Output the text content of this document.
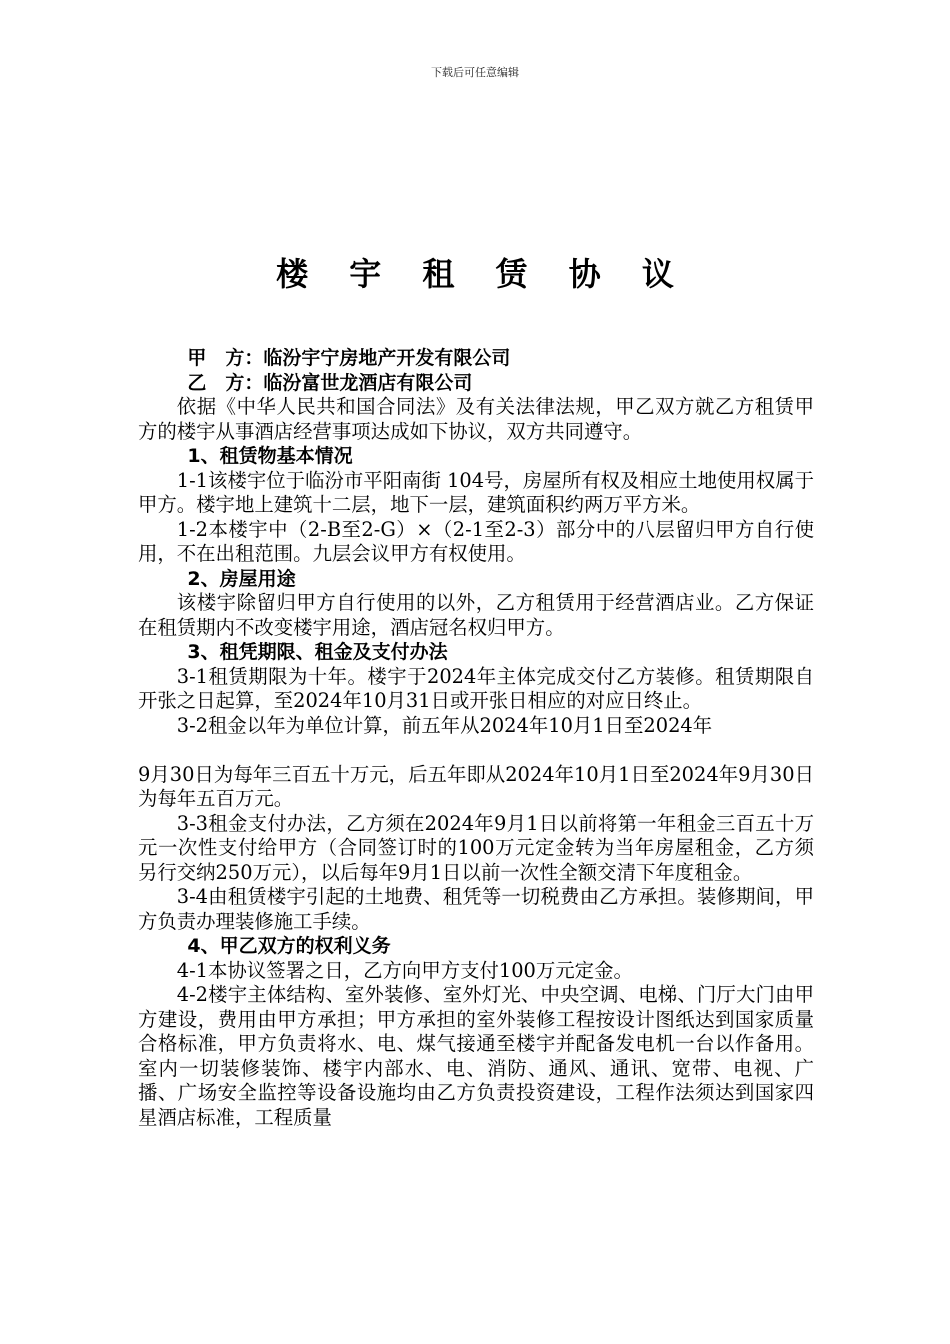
下载后可任意编辑
楼 宇 租 赁 协 议

甲　方：临汾宇宁房地产开发有限公司

乙　方：临汾富世龙酒店有限公司

依据《中华人民共和国合同法》及有关法律法规，甲乙双方就乙方租赁甲方的楼宇从事酒店经营事项达成如下协议，双方共同遵守。

1、租赁物基本情况

1-1该楼宇位于临汾市平阳南街 104号，房屋所有权及相应土地使用权属于甲方。楼宇地上建筑十二层，地下一层，建筑面积约两万平方米。

1-2本楼宇中（2-B至2-G）×（2-1至2-3）部分中的八层留归甲方自行使用，不在出租范围。九层会议甲方有权使用。

2、房屋用途

该楼宇除留归甲方自行使用的以外，乙方租赁用于经营酒店业。乙方保证在租赁期内不改变楼宇用途，酒店冠名权归甲方。

3、租凭期限、租金及支付办法

3-1租赁期限为十年。楼宇于2024年主体完成交付乙方装修。租赁期限自开张之日起算，至2024年10月31日或开张日相应的对应日终止。

3-2租金以年为单位计算，前五年从2024年10月1日至2024年

9月30日为每年三百五十万元，后五年即从2024年10月1日至2024年9月30日为每年五百万元。

3-3租金支付办法，乙方须在2024年9月1日以前将第一年租金三百五十万元一次性支付给甲方（合同签订时的100万元定金转为当年房屋租金，乙方须另行交纳250万元），以后每年9月1日以前一次性全额交清下年度租金。

3-4由租赁楼宇引起的土地费、租凭等一切税费由乙方承担。装修期间，甲方负责办理装修施工手续。

4、甲乙双方的权利义务

4-1本协议签署之日，乙方向甲方支付100万元定金。

4-2楼宇主体结构、室外装修、室外灯光、中央空调、电梯、门厅大门由甲方建设，费用由甲方承担；甲方承担的室外装修工程按设计图纸达到国家质量合格标准，甲方负责将水、电、煤气接通至楼宇并配备发电机一台以作备用。室内一切装修装饰、楼宇内部水、电、消防、通风、通讯、宽带、电视、广播、广场安全监控等设备设施均由乙方负责投资建设，工程作法须达到国家四星酒店标准，工程质量
